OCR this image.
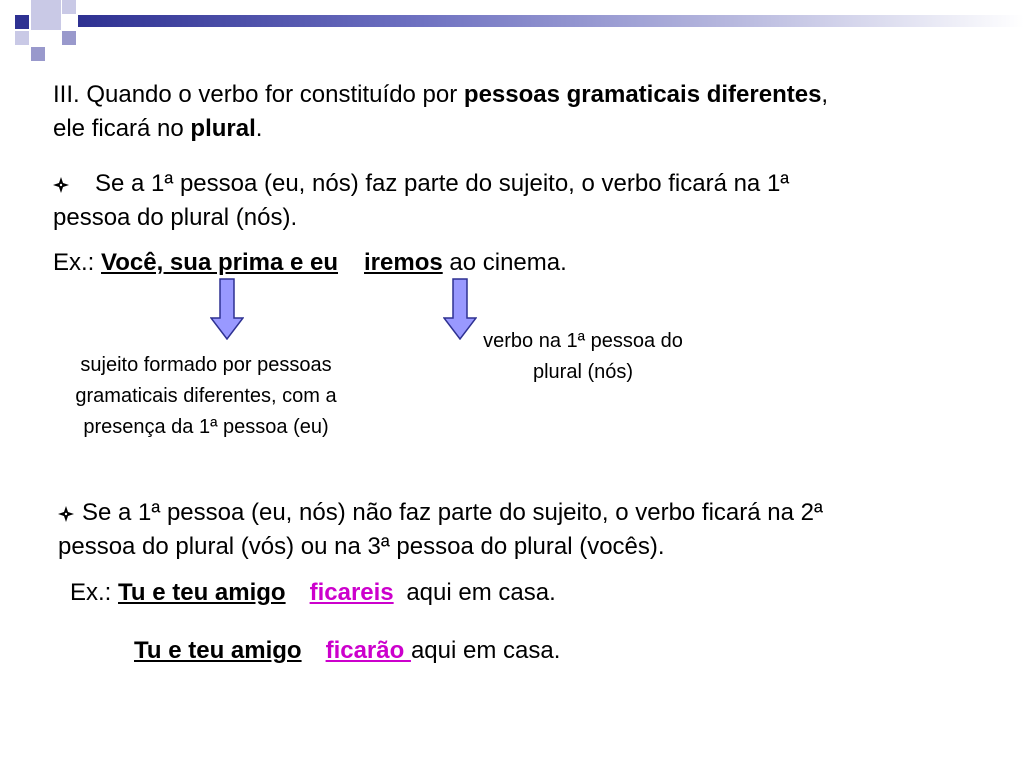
III. Quando o verbo for constituído por pessoas gramaticais diferentes,
ele ficará no plural.
Se a 1ª pessoa (eu, nós) faz parte do sujeito, o verbo ficará na 1ª
pessoa do plural (nós).
Ex.: Você, sua prima e eu iremos ao cinema.
sujeito formado por pessoas gramaticais diferentes, com a presença da 1ª pessoa (eu)
verbo na 1ª pessoa do plural (nós)
Se a 1ª pessoa (eu, nós) não faz parte do sujeito, o verbo ficará na 2ª
pessoa do plural (vós) ou na 3ª pessoa do plural (vocês).
Ex.: Tu e teu amigo ficareis aqui em casa.
Tu e teu amigo ficarão aqui em casa.
